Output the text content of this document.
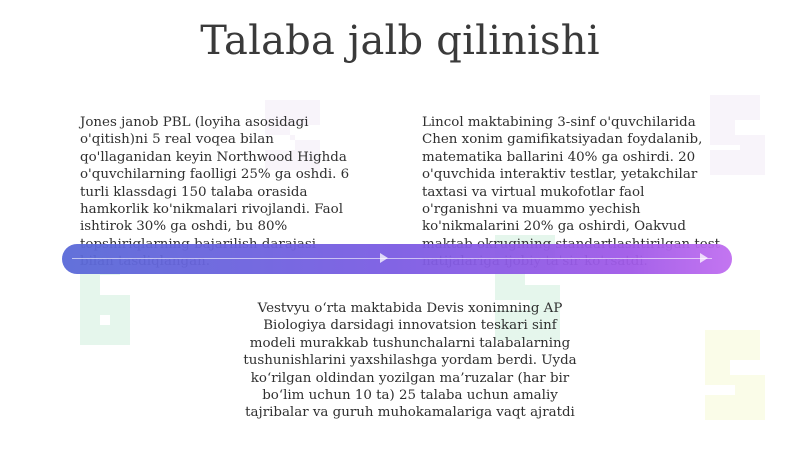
Talaba jalb qilinishi
Jones janob PBL (loyiha asosidagi
o'qitish)ni 5 real voqea bilan
qo'llaganidan keyin Northwood Highda
o'quvchilarning faolligi 25% ga oshdi. 6
turli klassdagi 150 talaba orasida
hamkorlik ko'nikmalari rivojlandi. Faol
ishtirok 30% ga oshdi, bu 80%

Lincol maktabining 3-sinf o'quvchilarida
Chen xonim gamifikatsiyadan foydalanib,
matematika ballarini 40% ga oshirdi. 20
o'quvchida interaktiv testlar, yetakchilar
taxtasi va virtual mukofotlar faol
o'rganishni va muammo yechish
ko'nikmalarini 20% ga oshirdi, Oakvud

Vestvyu o‘rta maktabida Devis xonimning AP
Biologiya darsidagi innovatsion teskari sinf
modeli murakkab tushunchalarni talabalarning
tushunishlarini yaxshilashga yordam berdi. Uyda
ko‘rilgan oldindan yozilgan ma’ruzalar (har bir
bo‘lim uchun 10 ta) 25 talaba uchun amaliy
tajribalar va guruh muhokamalariga vaqt ajratdi
